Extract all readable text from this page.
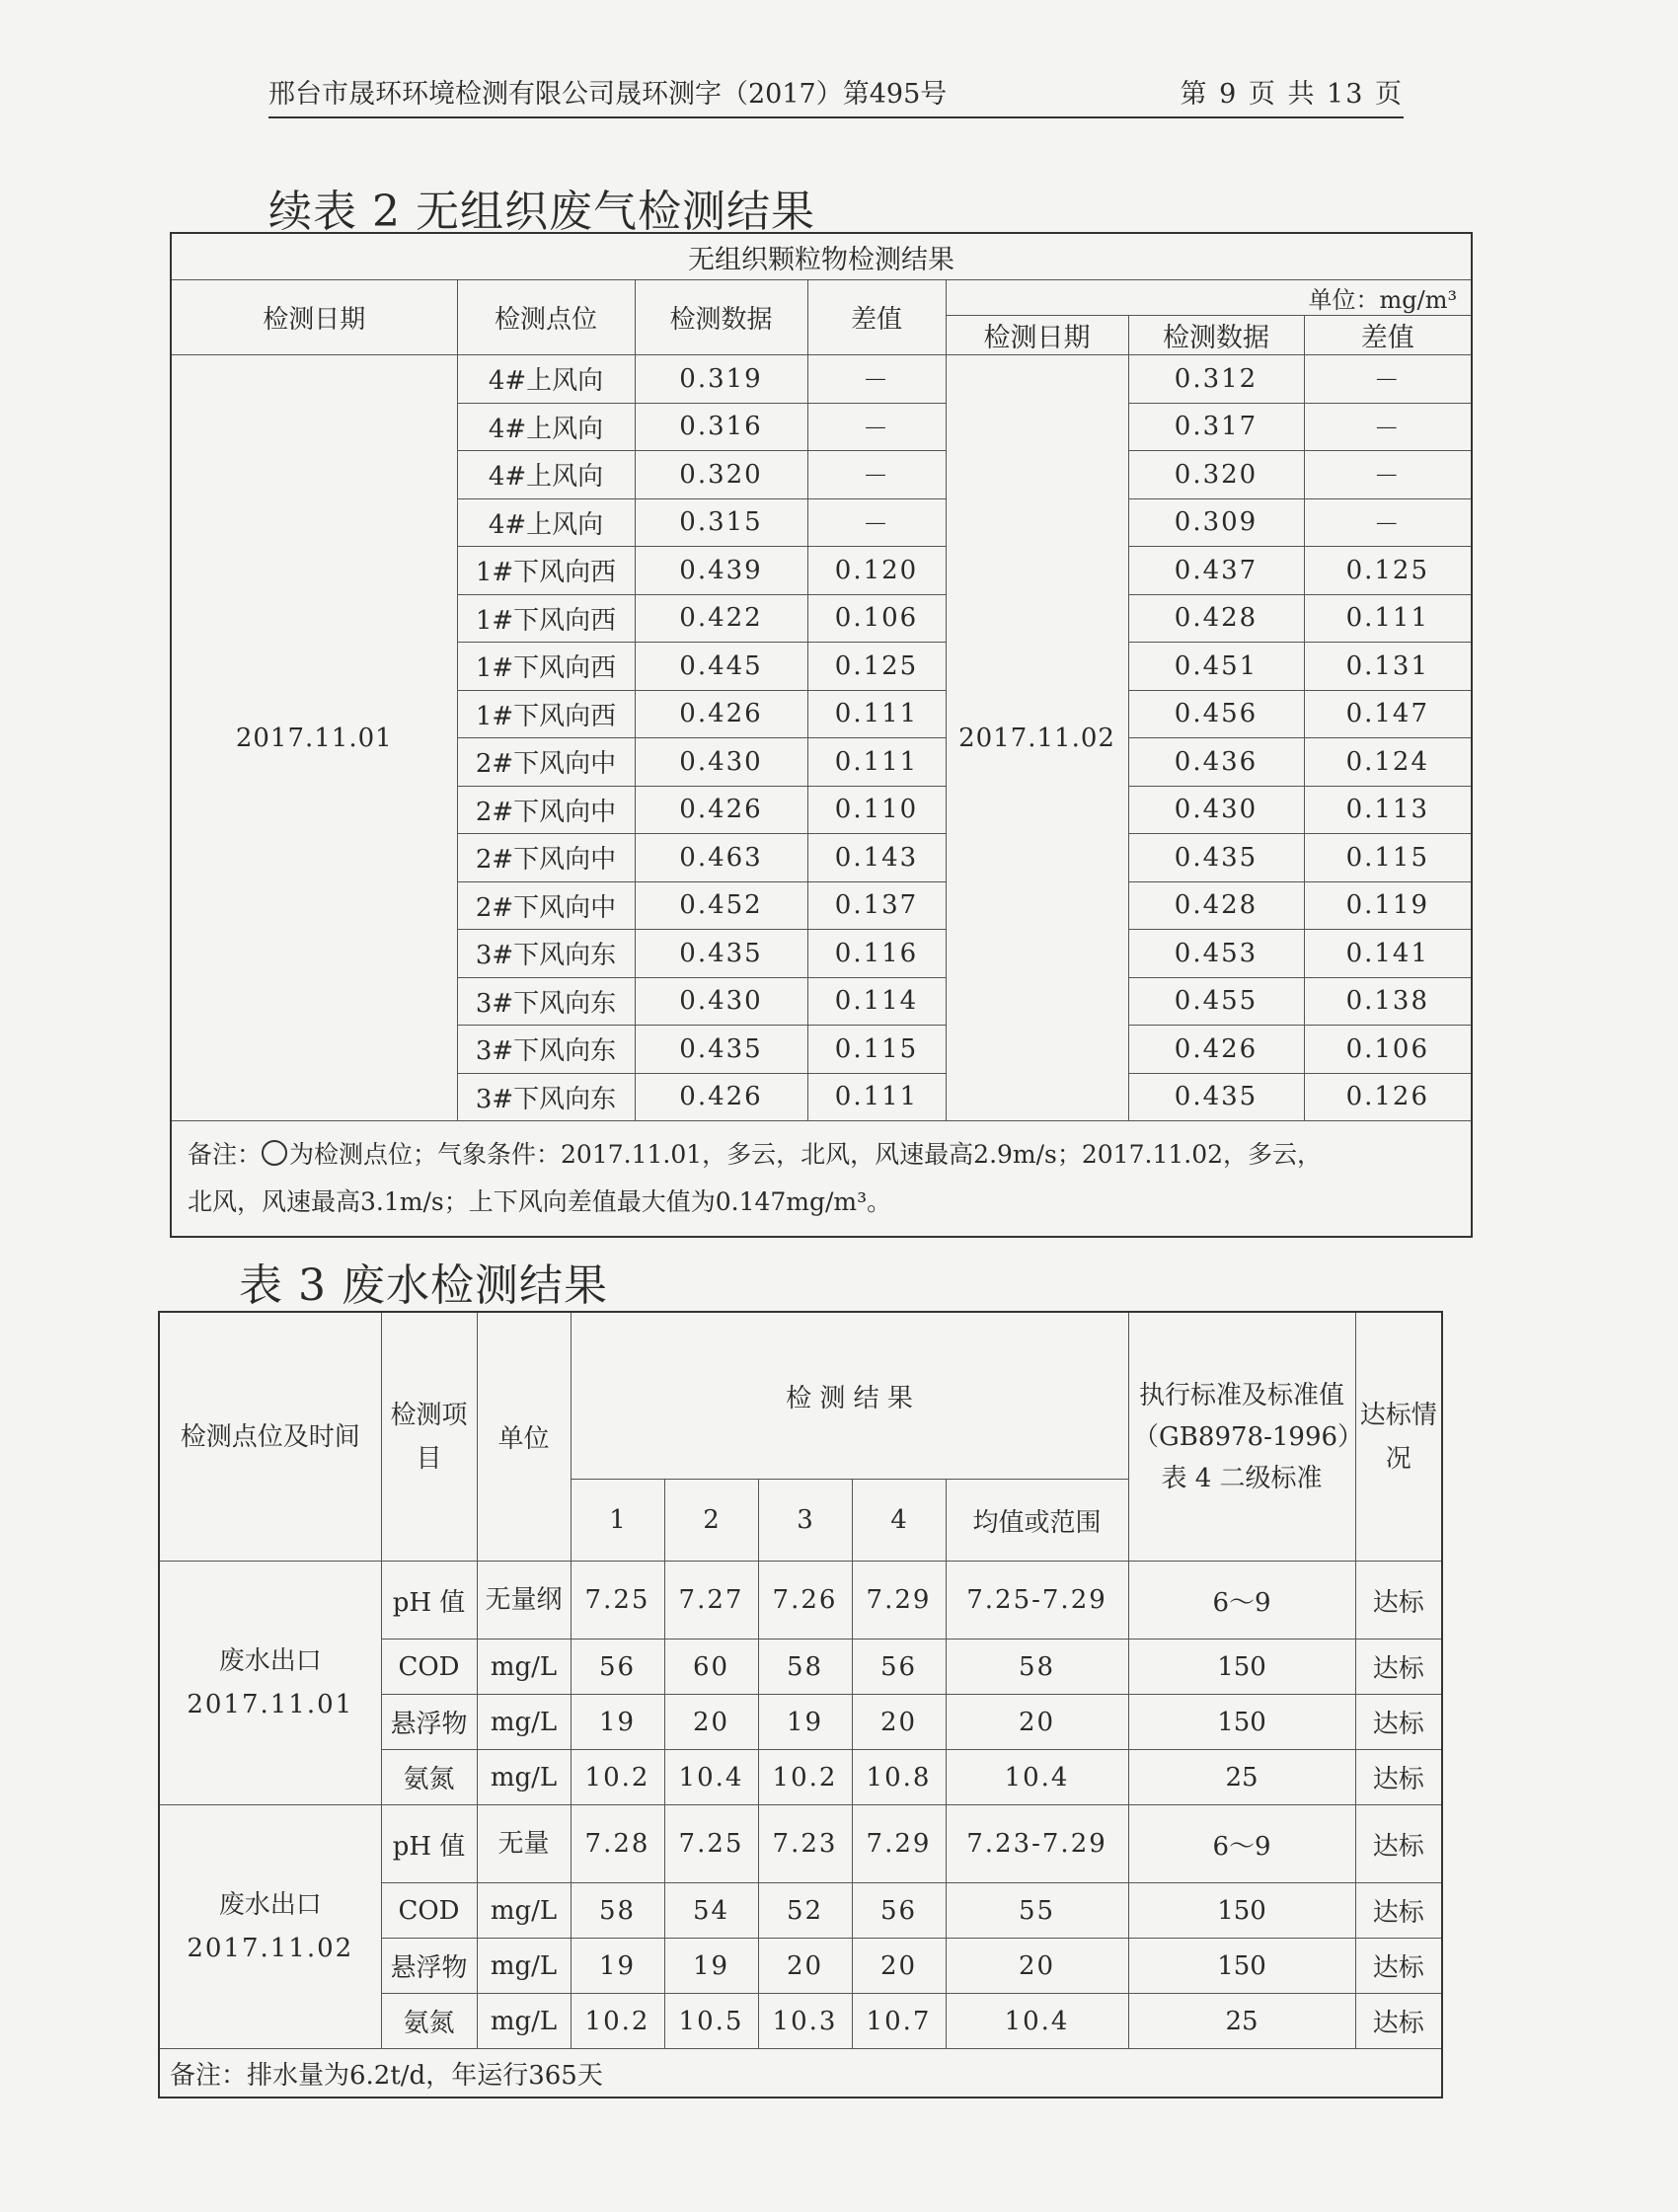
邢台市晟环环境检测有限公司晟环测字（2017）第495号	第 9 页 共 13 页
续表 2 无组织废气检测结果
无组织颗粒物检测结果						
检测日期	检测点位	检测数据	差值	单位：mg/m³		

				检测日期	检测数据	差值
2017.11.01	4#上风向	0.319	－	2017.11.02	0.312	－
	4#上风向	0.316	－		0.317	－
	4#上风向	0.320	－		0.320	－
	4#上风向	0.315	－		0.309	－
	1#下风向西	0.439	0.120		0.437	0.125
	1#下风向西	0.422	0.106		0.428	0.111
	1#下风向西	0.445	0.125		0.451	0.131
	1#下风向西	0.426	0.111		0.456	0.147
	2#下风向中	0.430	0.111		0.436	0.124
	2#下风向中	0.426	0.110		0.430	0.113
	2#下风向中	0.463	0.143		0.435	0.115
	2#下风向中	0.452	0.137		0.428	0.119
	3#下风向东	0.435	0.116		0.453	0.141
	3#下风向东	0.430	0.114		0.455	0.138
	3#下风向东	0.435	0.115		0.426	0.106
	3#下风向东	0.426	0.111		0.435	0.126
备注： 为检测点位；气象条件：2017.11.01，多云，北风，风速最高2.9m/s；2017.11.02，多云，
北风，风速最高3.1m/s；上下风向差值最大值为0.147mg/m³。						
表 3 废水检测结果
检测点位及时间	检测项目	单位	检 测 结 果					执行标准及标准值（GB8978-1996）表 4 二级标准	达标情况
			1	2	3	4	均值或范围		
废水出口
2017.11.01	pH 值	无量纲	7.25	7.27	7.26	7.29	7.25-7.29	6～9	达标
	COD	mg/L	56	60	58	56	58	150	达标
	悬浮物	mg/L	19	20	19	20	20	150	达标
	氨氮	mg/L	10.2	10.4	10.2	10.8	10.4	25	达标
废水出口
2017.11.02	pH 值	无量	7.28	7.25	7.23	7.29	7.23-7.29	6～9	达标
	COD	mg/L	58	54	52	56	55	150	达标
	悬浮物	mg/L	19	19	20	20	20	150	达标
	氨氮	mg/L	10.2	10.5	10.3	10.7	10.4	25	达标
备注：排水量为6.2t/d，年运行365天									
